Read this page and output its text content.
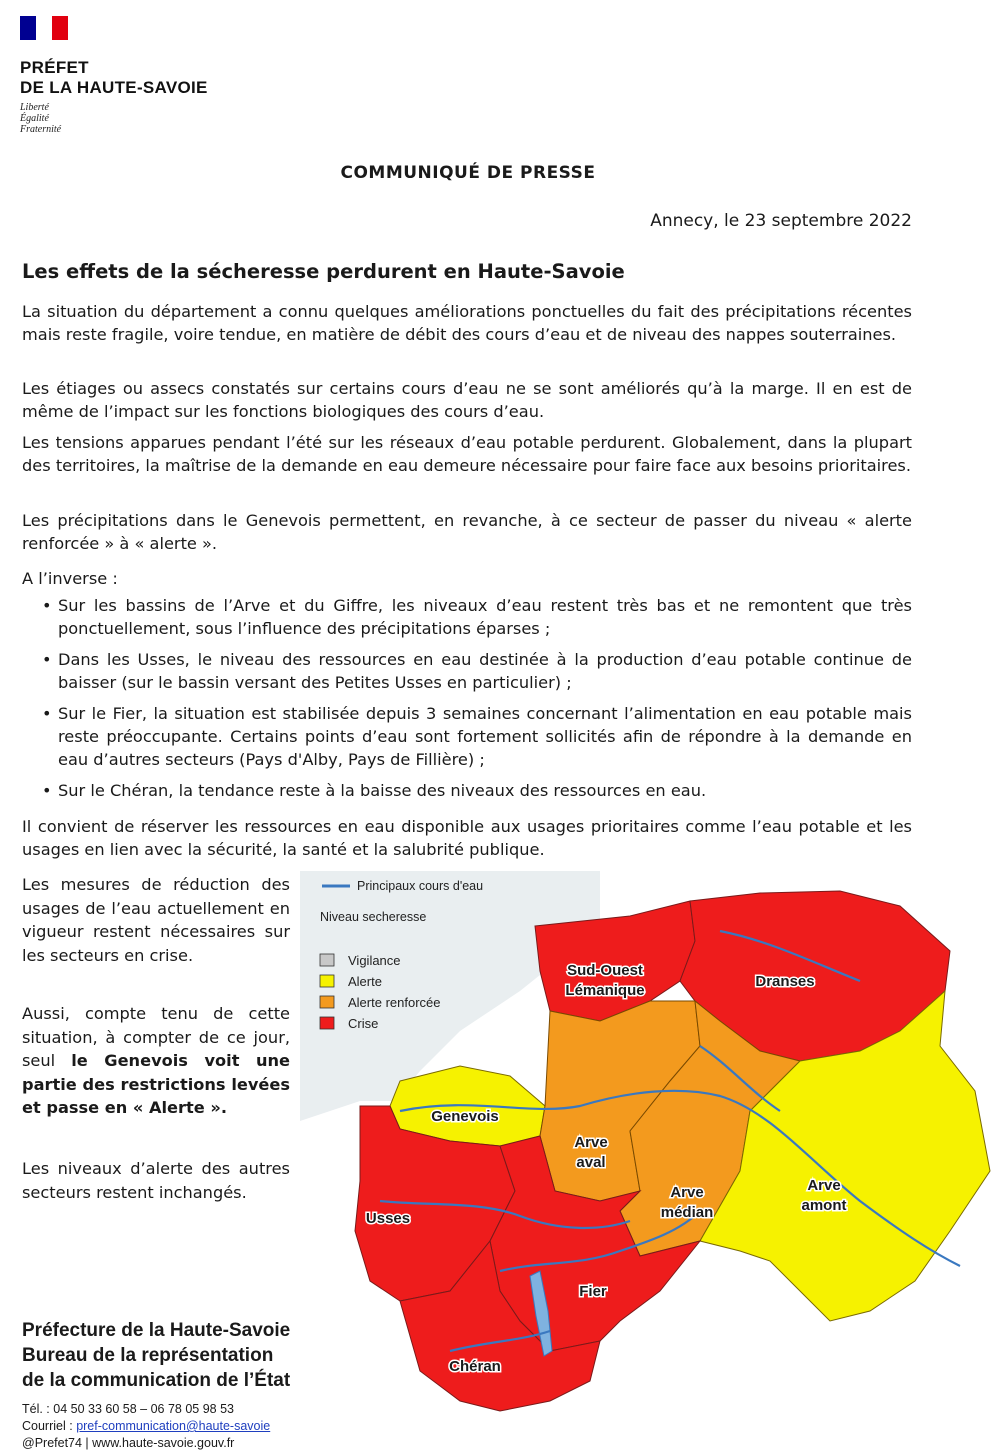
PRÉFET
DE LA HAUTE-SAVOIE
Liberté
Égalité
Fraternité
COMMUNIQUÉ DE PRESSE
Annecy, le 23 septembre 2022
Les effets de la sécheresse perdurent en Haute-Savoie
La situation du département a connu quelques améliorations ponctuelles du fait des précipitations récentes mais reste fragile, voire tendue, en matière de débit des cours d’eau et de niveau des nappes souterraines.
Les étiages ou assecs constatés sur certains cours d’eau ne se sont améliorés qu’à la marge. Il en est de même de l’impact sur les fonctions biologiques des cours d’eau.
Les tensions apparues pendant l’été sur les réseaux d’eau potable perdurent. Globalement, dans la plupart des territoires, la maîtrise de la demande en eau demeure nécessaire pour faire face aux besoins prioritaires.
Les précipitations dans le Genevois permettent, en revanche, à ce secteur de passer du niveau « alerte renforcée » à « alerte ».
A l’inverse :
• Sur les bassins de l’Arve et du Giffre, les niveaux d’eau restent très bas et ne remontent que très ponctuellement, sous l’influence des précipitations éparses ;
• Dans les Usses, le niveau des ressources en eau destinée à la production d’eau potable continue de baisser (sur le bassin versant des Petites Usses en particulier) ;
• Sur le Fier, la situation est stabilisée depuis 3 semaines concernant l’alimentation en eau potable mais reste préoccupante. Certains points d’eau sont fortement sollicités afin de répondre à la demande en eau d’autres secteurs (Pays d'Alby, Pays de Fillière) ;
• Sur le Chéran, la tendance reste à la baisse des niveaux des ressources en eau.
Il convient de réserver les ressources en eau disponible aux usages prioritaires comme l’eau potable et les usages en lien avec la sécurité, la santé et la salubrité publique.
Les mesures de réduction des usages de l’eau actuellement en vigueur restent nécessaires sur les secteurs en crise.
Aussi, compte tenu de cette situation, à compter de ce jour, seul le Genevois voit une partie des restrictions levées et passe en « Alerte ».
Les niveaux d’alerte des autres secteurs restent inchangés.
Préfecture de la Haute-Savoie
Bureau de la représentation
de la communication de l’État
Tél. : 04 50 33 60 58 – 06 78 05 98 53
Courriel : pref-communication@haute-savoie
@Prefet74 | www.haute-savoie.gouv.fr
Principaux cours d'eau
Niveau secheresse
Vigilance
Alerte
Alerte renforcée
Crise
Sud-Ouest
Lémanique
Dranses
Genevois
Arve
aval
Arve
médian
Arve
amont
Usses
Fier
Chéran
